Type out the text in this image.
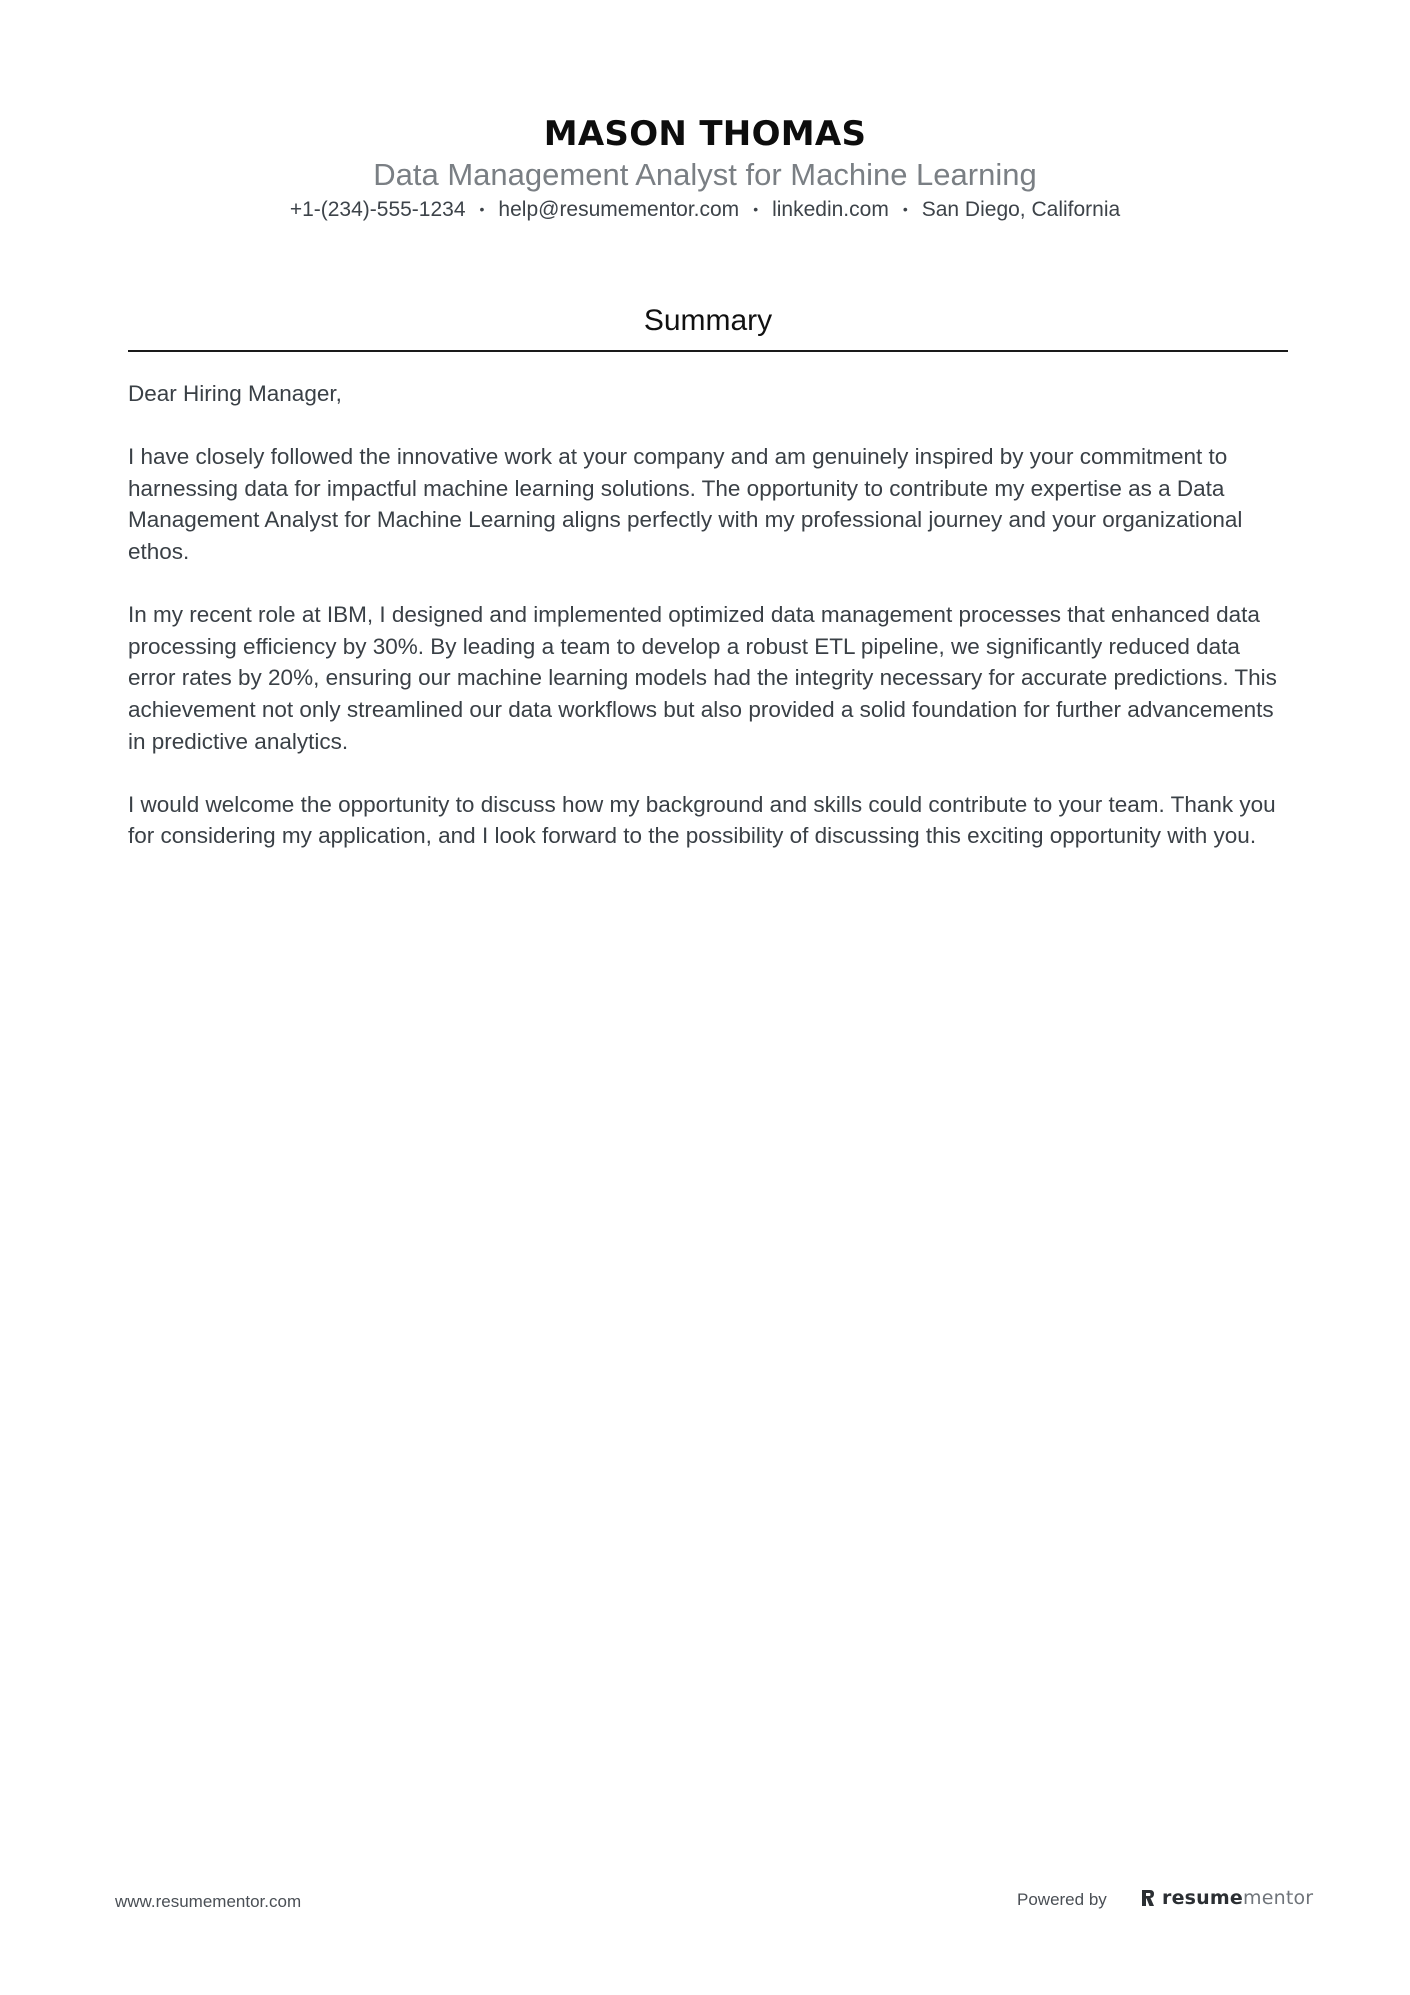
MASON THOMAS
Data Management Analyst for Machine Learning
+1-(234)-555-1234 • help@resumementor.com • linkedin.com • San Diego, California
Summary

Dear Hiring Manager,

I have closely followed the innovative work at your company and am genuinely inspired by your commitment to harnessing data for impactful machine learning solutions. The opportunity to contribute my expertise as a Data Management Analyst for Machine Learning aligns perfectly with my professional journey and your organizational ethos.

In my recent role at IBM, I designed and implemented optimized data management processes that enhanced data processing efficiency by 30%. By leading a team to develop a robust ETL pipeline, we significantly reduced data error rates by 20%, ensuring our machine learning models had the integrity necessary for accurate predictions. This achievement not only streamlined our data workflows but also provided a solid foundation for further advancements in predictive analytics.

I would welcome the opportunity to discuss how my background and skills could contribute to your team. Thank you for considering my application, and I look forward to the possibility of discussing this exciting opportunity with you.

www.resumementor.com	Powered by	resumementor
